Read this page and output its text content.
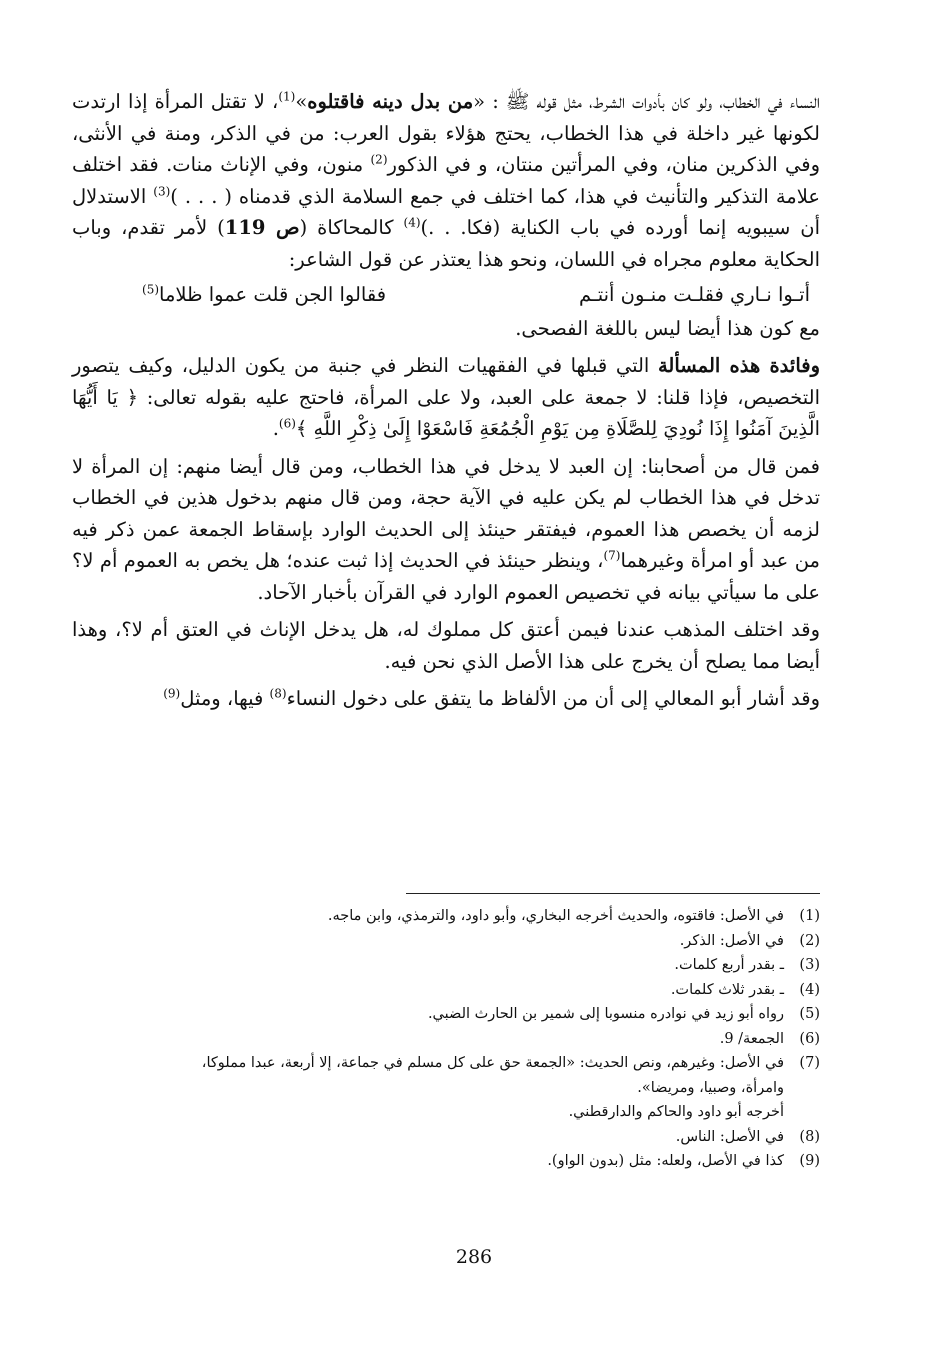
النساء في الخطاب، ولو كان بأدوات الشرط، مثل قوله ﷺ : «من بدل دينه فاقتلوه»$^{(1)}$، لا تقتل المرأة إذا ارتدت لكونها غير داخلة في هذا الخطاب، يحتج هؤلاء بقول العرب: من في الذكر، ومنة في الأنثى، وفي الذكرين منان، وفي المرأتين منتان، و في الذكور$^{(2)}$ منون، وفي الإناث منات. فقد اختلف علامة التذكير والتأنيث في هذا، كما اختلف في جمع السلامة الذي قدمناه ( . . . )$^{(3)}$ الاستدلال أن سيبويه إنما أورده في باب الكناية (فكا. . .)$^{(4)}$ كالمحاكاة (ص 119) لأمر تقدم، وباب الحكاية معلوم مجراه في اللسان، ونحو هذا يعتذر عن قول الشاعر:

أتـوا نـاري فقلـت منـون أنتـم
فقالوا الجن قلت عموا ظلاما$^{(5)}$

مع كون هذا أيضا ليس باللغة الفصحى.

وفائدة هذه المسألة التي قبلها في الفقهيات النظر في جنبة من يكون الدليل، وكيف يتصور التخصيص، فإذا قلنا: لا جمعة على العبد، ولا على المرأة، فاحتج عليه بقوله تعالى: ﴿ يَا أَيُّهَا الَّذِينَ آمَنُوا إِذَا نُودِيَ لِلصَّلَاةِ مِن يَوْمِ الْجُمُعَةِ فَاسْعَوْا إِلَىٰ ذِكْرِ اللَّهِ ﴾$^{(6)}$.

فمن قال من أصحابنا: إن العبد لا يدخل في هذا الخطاب، ومن قال أيضا منهم: إن المرأة لا تدخل في هذا الخطاب لم يكن عليه في الآية حجة، ومن قال منهم بدخول هذين في الخطاب لزمه أن يخصص هذا العموم، فيفتقر حينئذ إلى الحديث الوارد بإسقاط الجمعة عمن ذكر فيه من عبد أو امرأة وغيرهما$^{(7)}$، وينظر حينئذ في الحديث إذا ثبت عنده؛ هل يخص به العموم أم لا؟ على ما سيأتي بيانه في تخصيص العموم الوارد في القرآن بأخبار الآحاد.

وقد اختلف المذهب عندنا فيمن أعتق كل مملوك له، هل يدخل الإناث في العتق أم لا؟، وهذا أيضا مما يصلح أن يخرج على هذا الأصل الذي نحن فيه.

وقد أشار أبو المعالي إلى أن من الألفاظ ما يتفق على دخول النساء$^{(8)}$ فيها، ومثل$^{(9)}$

(1)
في الأصل: فاقتوه، والحديث أخرجه البخاري، وأبو داود، والترمذي، وابن ماجه.
(2)
في الأصل: الذكر.
(3)
ـ بقدر أربع كلمات.
(4)
ـ بقدر ثلاث كلمات.
(5)
رواه أبو زيد في نوادره منسوبا إلى شمير بن الحارث الضبي.
(6)
الجمعة/ 9.
(7)
في الأصل: وغيرهم، ونص الحديث: «الجمعة حق على كل مسلم في جماعة، إلا أربعة، عبدا مملوكا،
وامرأة، وصبيا، ومريضا».
أخرجه أبو داود والحاكم والدارقطني.
(8)
في الأصل: الناس.
(9)
كذا في الأصل، ولعله: مثل (بدون الواو).
286
